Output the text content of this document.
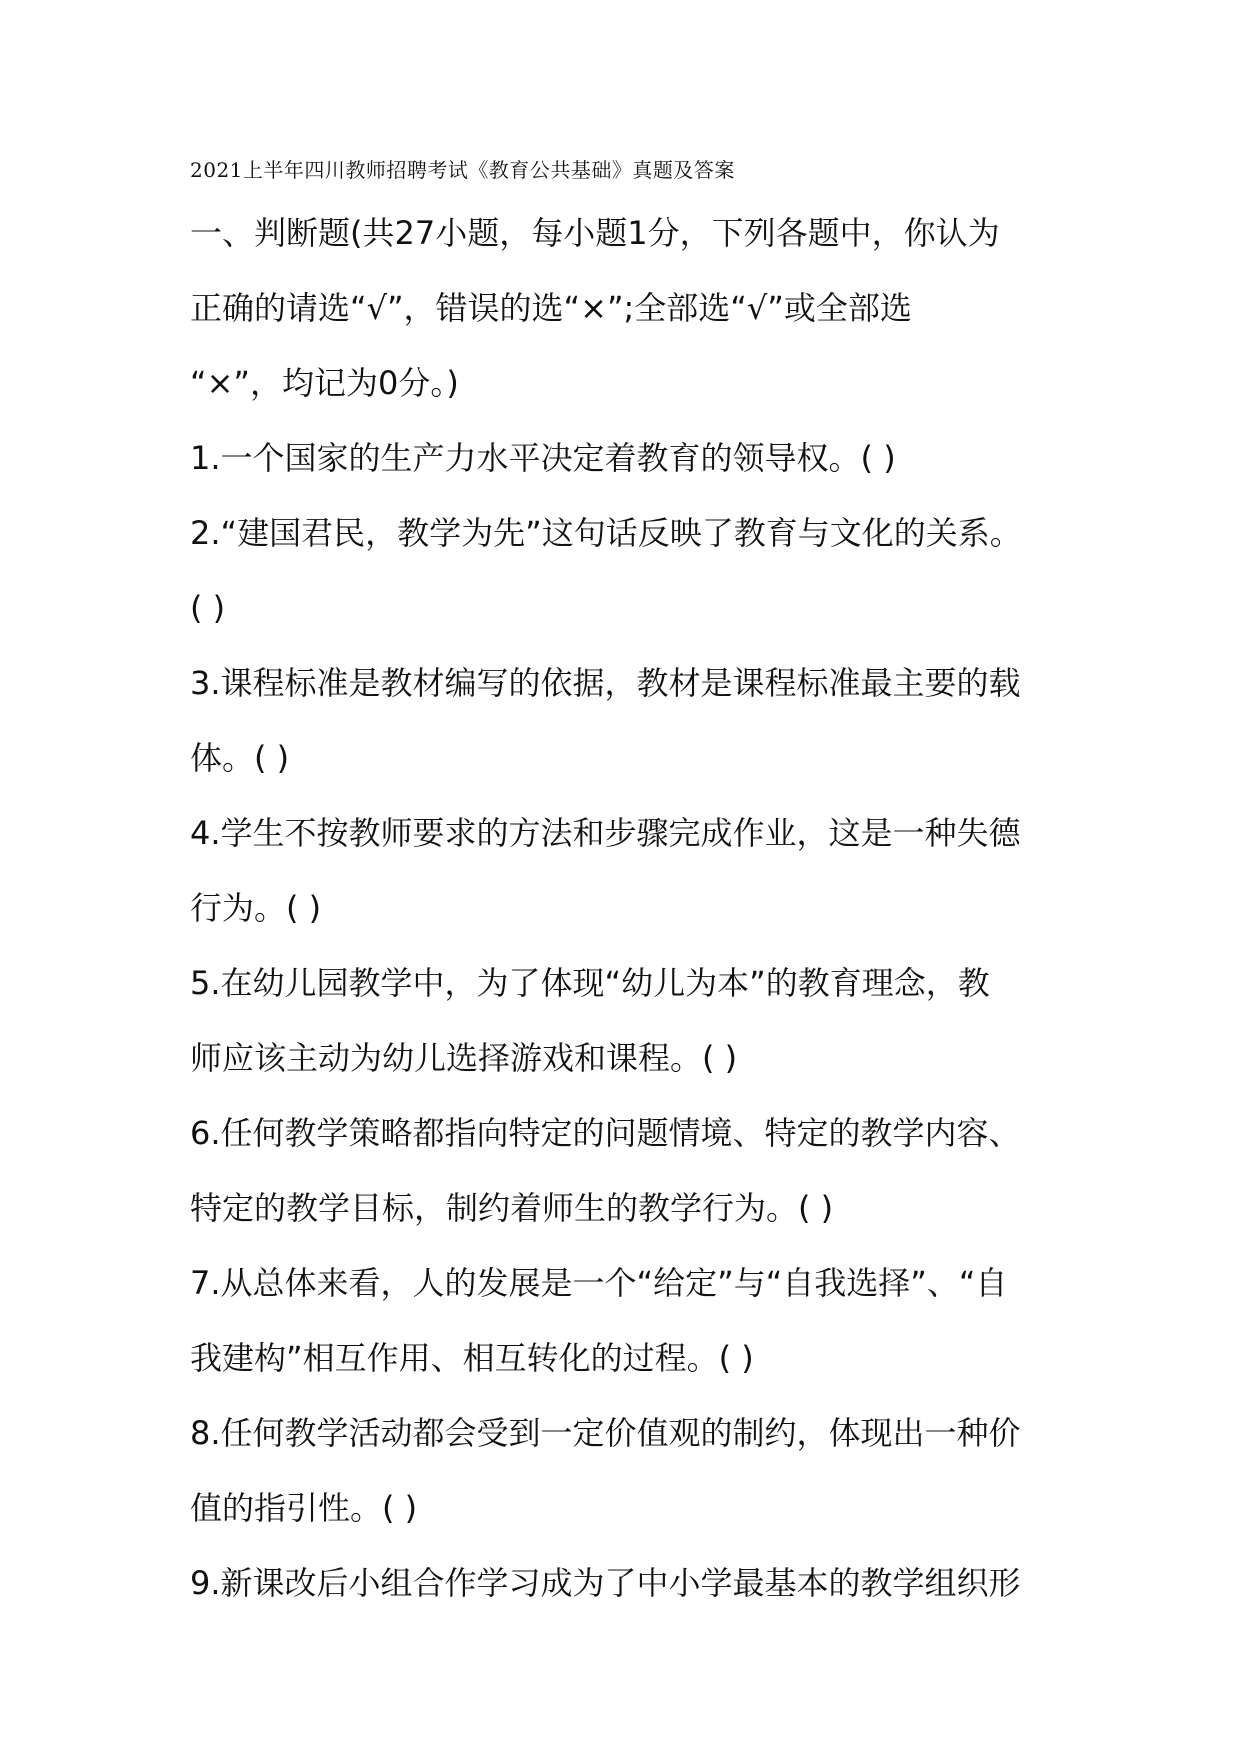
2021上半年四川教师招聘考试《教育公共基础》真题及答案
一、判断题(共27小题，每小题1分，下列各题中，你认为
正确的请选“√”，错误的选“×”;全部选“√”或全部选
“×”，均记为0分。)
1.一个国家的生产力水平决定着教育的领导权。( )
2.“建国君民，教学为先”这句话反映了教育与文化的关系。
( )
3.课程标准是教材编写的依据，教材是课程标准最主要的载
体。( )
4.学生不按教师要求的方法和步骤完成作业，这是一种失德
行为。( )
5.在幼儿园教学中，为了体现“幼儿为本”的教育理念，教
师应该主动为幼儿选择游戏和课程。( )
6.任何教学策略都指向特定的问题情境、特定的教学内容、
特定的教学目标，制约着师生的教学行为。( )
7.从总体来看，人的发展是一个“给定”与“自我选择”、“自
我建构”相互作用、相互转化的过程。( )
8.任何教学活动都会受到一定价值观的制约，体现出一种价
值的指引性。( )
9.新课改后小组合作学习成为了中小学最基本的教学组织形
